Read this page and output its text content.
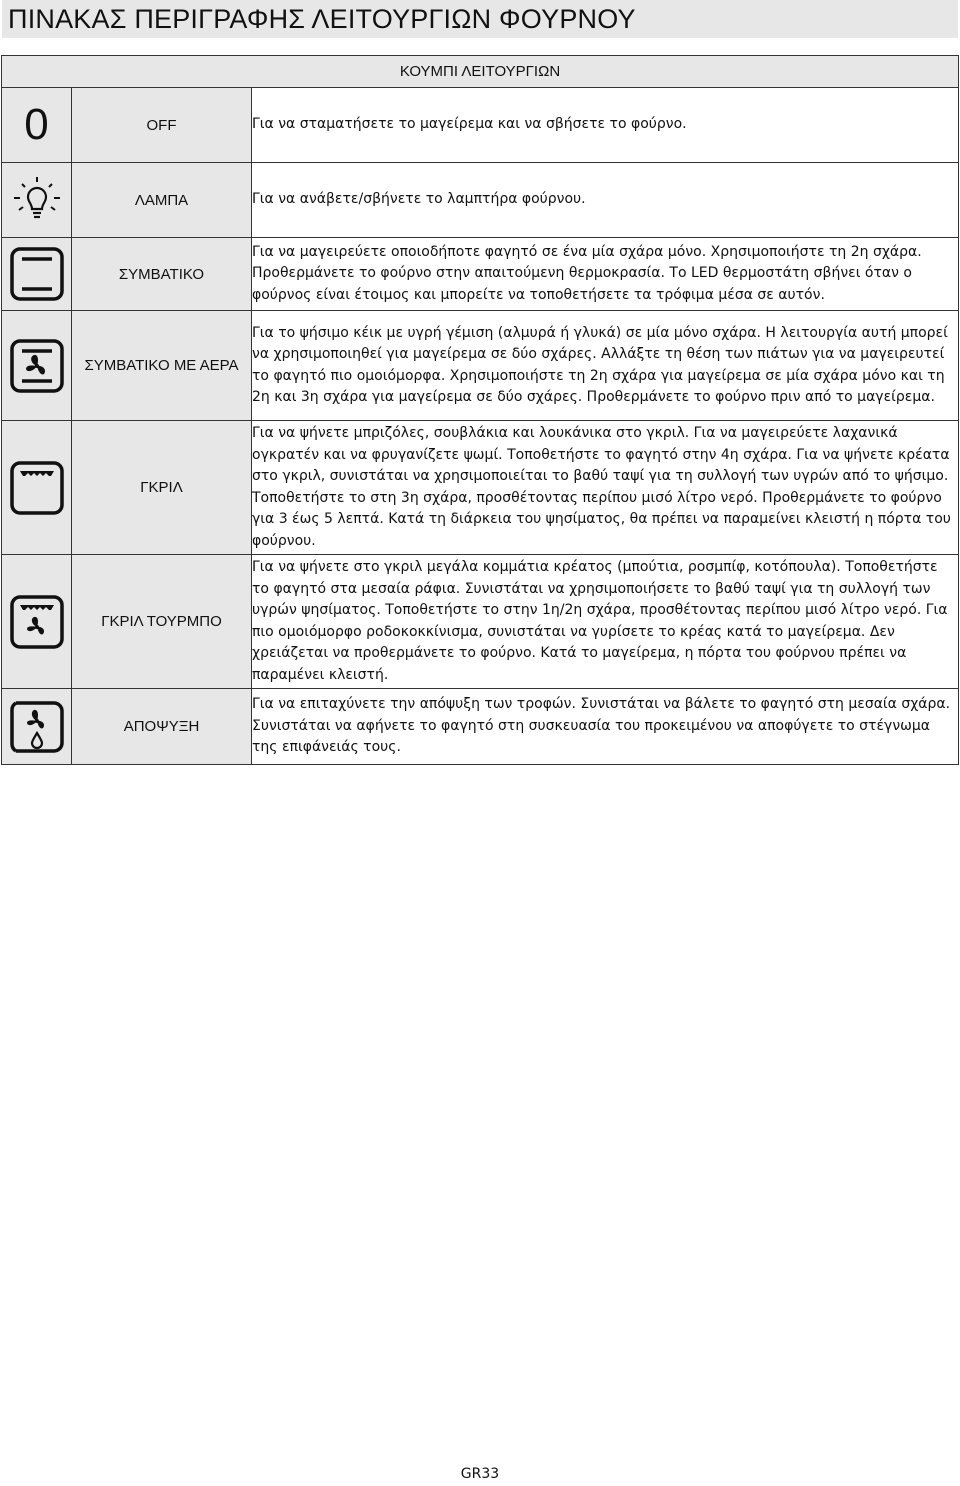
ΠΙΝΑΚΑΣ ΠΕΡΙΓΡΑΦΗΣ ΛΕΙΤΟΥΡΓΙΩΝ ΦΟΥΡΝΟΥ
ΚΟΥΜΠΙ ΛΕΙΤΟΥΡΓΙΩΝ		
0	OFF	Για να σταματήσετε το μαγείρεμα και να σβήσετε το φούρνο.

	ΛΑΜΠΑ	Για να ανάβετε/σβήνετε το λαμπτήρα φούρνου.

	ΣΥΜΒΑΤΙΚΟ	Για να μαγειρεύετε οποιοδήποτε φαγητό σε ένα μία σχάρα μόνο. Χρησιμοποιήστε τη 2η σχάρα. Προθερμάνετε το φούρνο στην απαιτούμενη θερμοκρασία. Το LED θερμοστάτη σβήνει όταν ο φούρνος είναι έτοιμος και μπορείτε να τοποθετήσετε τα τρόφιμα μέσα σε αυτόν.

	ΣΥΜΒΑΤΙΚΟ ΜΕ ΑΕΡΑ	Για το ψήσιμο κέικ με υγρή γέμιση (αλμυρά ή γλυκά) σε μία μόνο σχάρα. Η λειτουργία αυτή μπορεί να χρησιμοποιηθεί για μαγείρεμα σε δύο σχάρες. Αλλάξτε τη θέση των πιάτων για να μαγειρευτεί το φαγητό πιο ομοιόμορφα. Χρησιμοποιήστε τη 2η σχάρα για μαγείρεμα σε μία σχάρα μόνο και τη 2η και 3η σχάρα για μαγείρεμα σε δύο σχάρες. Προθερμάνετε το φούρνο πριν από το μαγείρεμα.

	ΓΚΡΙΛ	Για να ψήνετε μπριζόλες, σουβλάκια και λουκάνικα στο γκριλ. Για να μαγειρεύετε λαχανικά ογκρατέν και να φρυγανίζετε ψωμί. Τοποθετήστε το φαγητό στην 4η σχάρα. Για να ψήνετε κρέατα στο γκριλ, συνιστάται να χρησιμοποιείται το βαθύ ταψί για τη συλλογή των υγρών από το ψήσιμο. Τοποθετήστε το στη 3η σχάρα, προσθέτοντας περίπου μισό λίτρο νερό. Προθερμάνετε το φούρνο για 3 έως 5 λεπτά. Κατά τη διάρκεια του ψησίματος, θα πρέπει να παραμείνει κλειστή η πόρτα του φούρνου.

	ΓΚΡΙΛ ΤΟΥΡΜΠΟ	Για να ψήνετε στο γκριλ μεγάλα κομμάτια κρέατος (μπούτια, ροσμπίφ, κοτόπουλα). Τοποθετήστε το φαγητό στα μεσαία ράφια. Συνιστάται να χρησιμοποιήσετε το βαθύ ταψί για τη συλλογή των υγρών ψησίματος. Τοποθετήστε το στην 1η/2η σχάρα, προσθέτοντας περίπου μισό λίτρο νερό. Για πιο ομοιόμορφο ροδοκοκκίνισμα, συνιστάται να γυρίσετε το κρέας κατά το μαγείρεμα. Δεν χρειάζεται να προθερμάνετε το φούρνο. Κατά το μαγείρεμα, η πόρτα του φούρνου πρέπει να παραμένει κλειστή.

	ΑΠΟΨΥΞΗ	Για να επιταχύνετε την απόψυξη των τροφών. Συνιστάται να βάλετε το φαγητό στη μεσαία σχάρα. Συνιστάται να αφήνετε το φαγητό στη συσκευασία του προκειμένου να αποφύγετε το στέγνωμα της επιφάνειάς τους.
GR33
